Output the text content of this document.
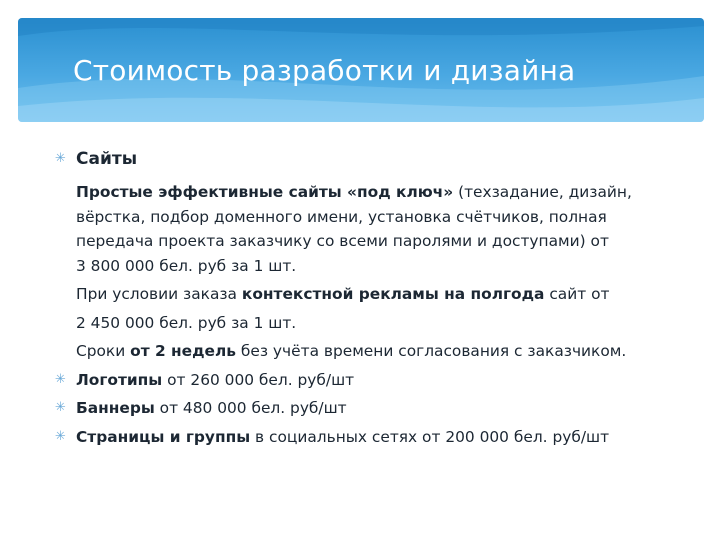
Стоимость разработки и дизайна
✳ Сайты
Простые эффективные сайты «под ключ» (техзадание, дизайн,
вёрстка, подбор доменного имени, установка счётчиков, полная
передача проекта заказчику со всеми паролями и доступами) от
3 800 000 бел. руб за 1 шт.
При условии заказа контекстной рекламы на полгода сайт от
2 450 000 бел. руб за 1 шт.
Сроки от 2 недель без учёта времени согласования с заказчиком.
✳ Логотипы от 260 000 бел. руб/шт
✳ Баннеры от 480 000 бел. руб/шт
✳ Страницы и группы в социальных сетях от 200 000 бел. руб/шт
